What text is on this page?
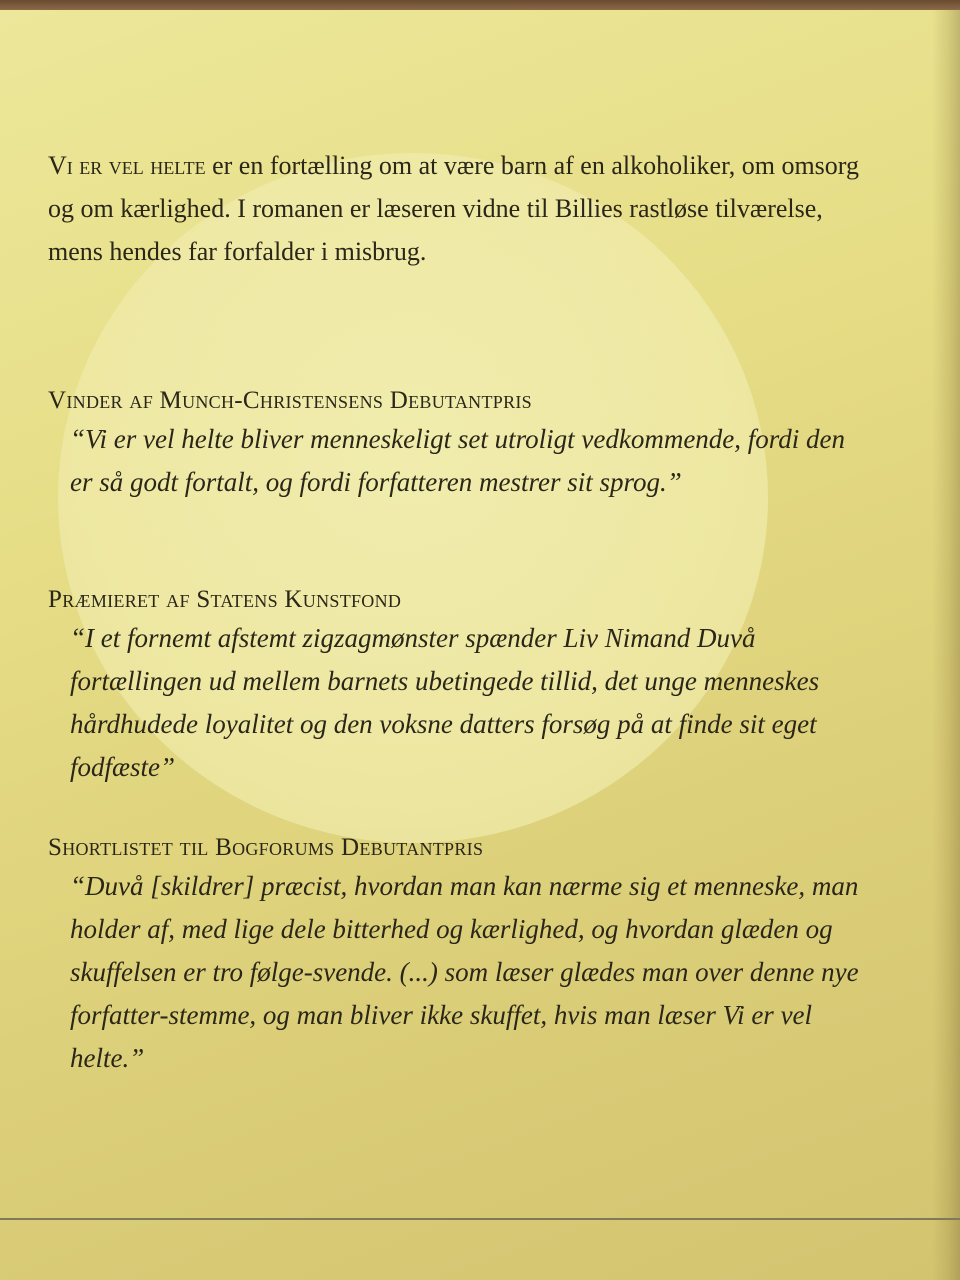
Vi er vel helte er en fortælling om at være barn af en alkoholiker, om omsorg og om kærlighed. I romanen er læseren vidne til Billies rastløse tilværelse, mens hendes far forfalder i misbrug.
Vinder af Munch-Christensens Debutantpris
“Vi er vel helte bliver menneskeligt set utroligt vedkommende, fordi den er så godt fortalt, og fordi forfatteren mestrer sit sprog.”
Præmieret af Statens Kunstfond
“I et fornemt afstemt zigzagmønster spænder Liv Nimand Duvå fortællingen ud mellem barnets ubetingede tillid, det unge menneskes hårdhudede loyalitet og den voksne datters forsøg på at finde sit eget fodfæste”
Shortlistet til Bogforums Debutantpris
“Duvå [skildrer] præcist, hvordan man kan nærme sig et menneske, man holder af, med lige dele bitterhed og kærlighed, og hvordan glæden og skuffelsen er tro følge-svende. (...) som læser glædes man over denne nye forfatter-stemme, og man bliver ikke skuffet, hvis man læser Vi er vel helte.”
